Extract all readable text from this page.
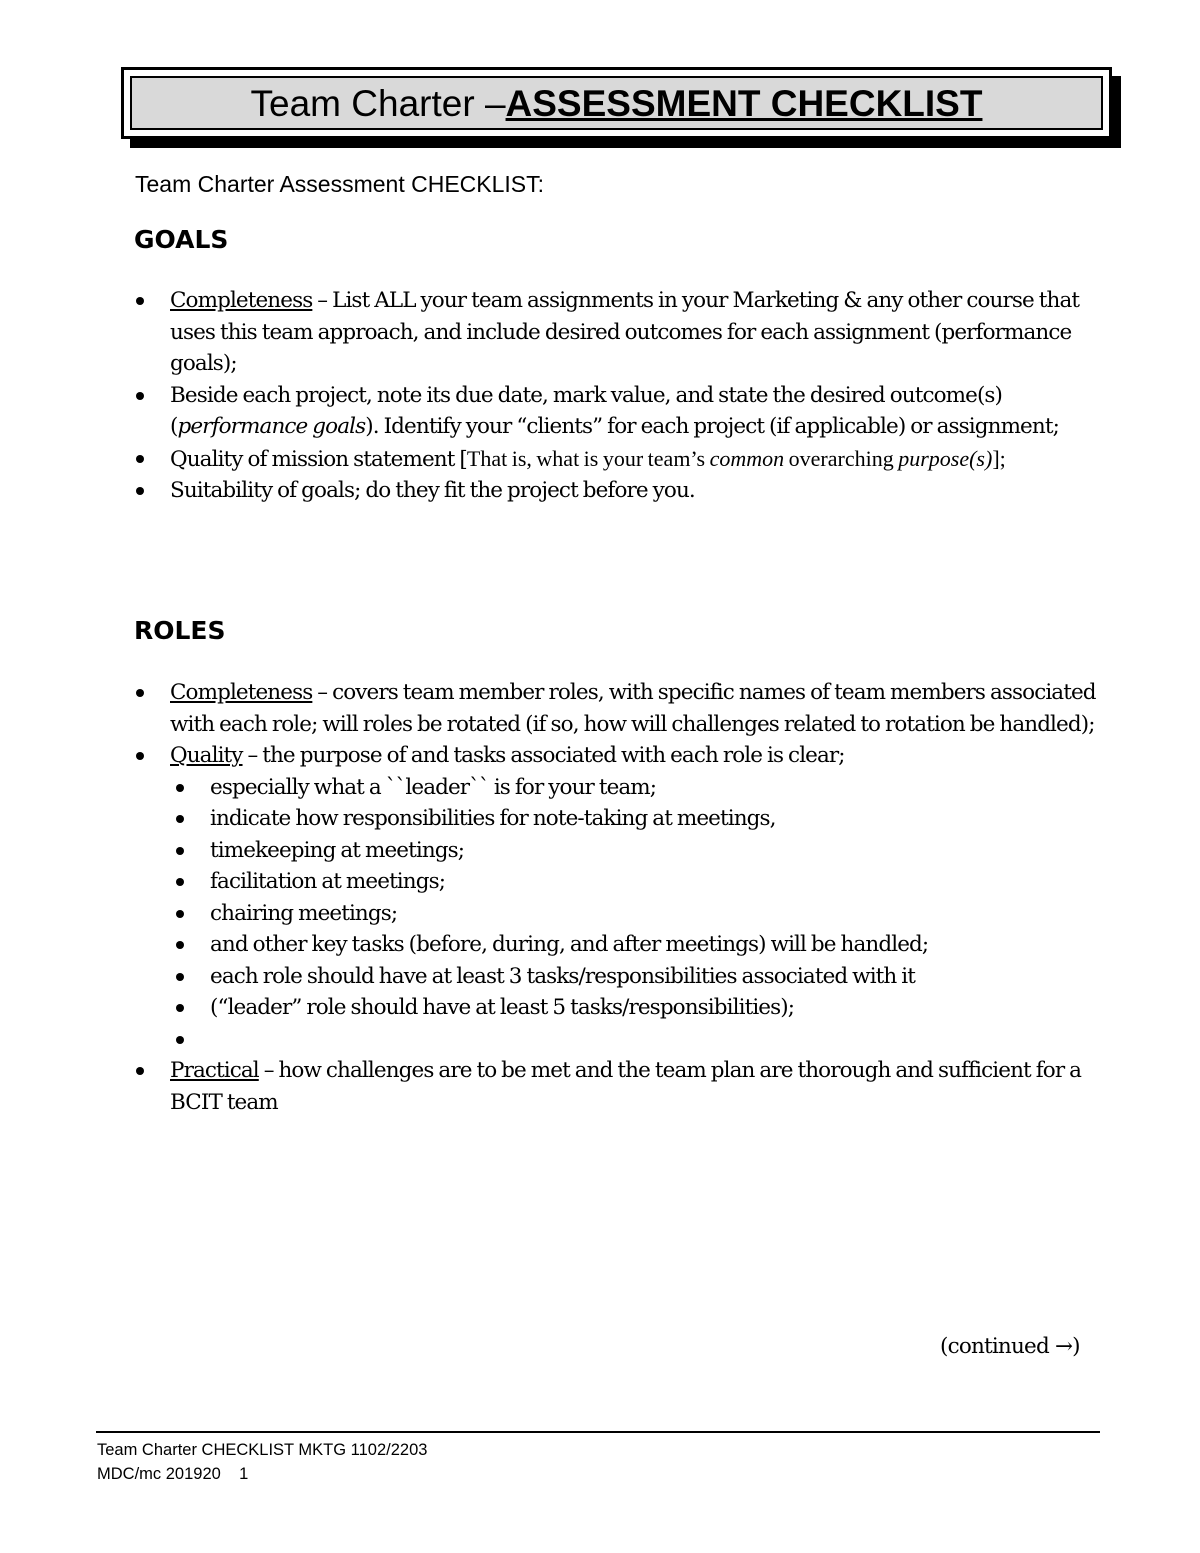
Team Charter – ASSESSMENT CHECKLIST
Team Charter Assessment CHECKLIST:
GOALS
Completeness – List ALL your team assignments in your Marketing & any other course that uses this team approach, and include desired outcomes for each assignment (performance goals);
Beside each project, note its due date, mark value, and state the desired outcome(s) (performance goals). Identify your “clients” for each project (if applicable) or assignment;
Quality of mission statement [That is, what is your team’s common overarching purpose(s)];
Suitability of goals; do they fit the project before you.
ROLES
Completeness – covers team member roles, with specific names of team members associated with each role; will roles be rotated (if so, how will challenges related to rotation be handled);
Quality – the purpose of and tasks associated with each role is clear;
especially what a ``leader`` is for your team;
indicate how responsibilities for note-taking at meetings,
timekeeping at meetings;
facilitation at meetings;
chairing meetings;
and other key tasks (before, during, and after meetings) will be handled;
each role should have at least 3 tasks/responsibilities associated with it
(“leader” role should have at least 5 tasks/responsibilities);
Practical – how challenges are to be met and the team plan are thorough and sufficient for a BCIT team
(continued →)
Team Charter CHECKLIST MKTG 1102/2203
MDC/mc 201920    1
